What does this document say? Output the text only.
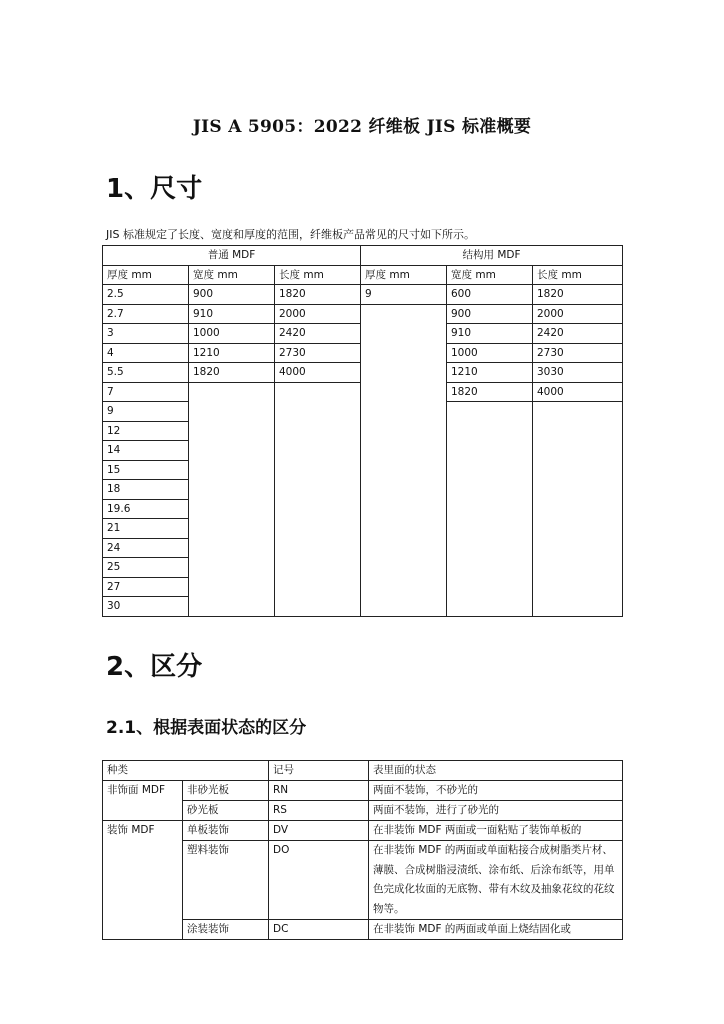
JIS A 5905：2022 纤维板 JIS 标准概要
1、尺寸
JIS 标准规定了长度、宽度和厚度的范围，纤维板产品常见的尺寸如下所示。
普通 MDF			结构用 MDF		
厚度 mm	宽度 mm	长度 mm	厚度 mm	宽度 mm	长度 mm
2.5	900	1820	9	600	1820
2.7	910	2000		900	2000
3	1000	2420		910	2420
4	1210	2730		1000	2730
5.5	1820	4000		1210	3030
7				1820	4000
9					
12					
14					
15					
18					
19.6					
21					
24					
25					
27					
30					
2、区分
2.1、根据表面状态的区分
种类		记号	表里面的状态
非饰面 MDF	非砂光板	RN	两面不装饰，不砂光的
	砂光板	RS	两面不装饰，进行了砂光的
装饰 MDF	单板装饰	DV	在非装饰 MDF 两面或一面粘贴了装饰单板的
	塑料装饰	DO	在非装饰 MDF 的两面或单面粘接合成树脂类片材、薄膜、合成树脂浸渍纸、涂布纸、后涂布纸等，用单色完成化妆面的无底物、带有木纹及抽象花纹的花纹物等。
	涂装装饰	DC	在非装饰 MDF 的两面或单面上烧结固化或
